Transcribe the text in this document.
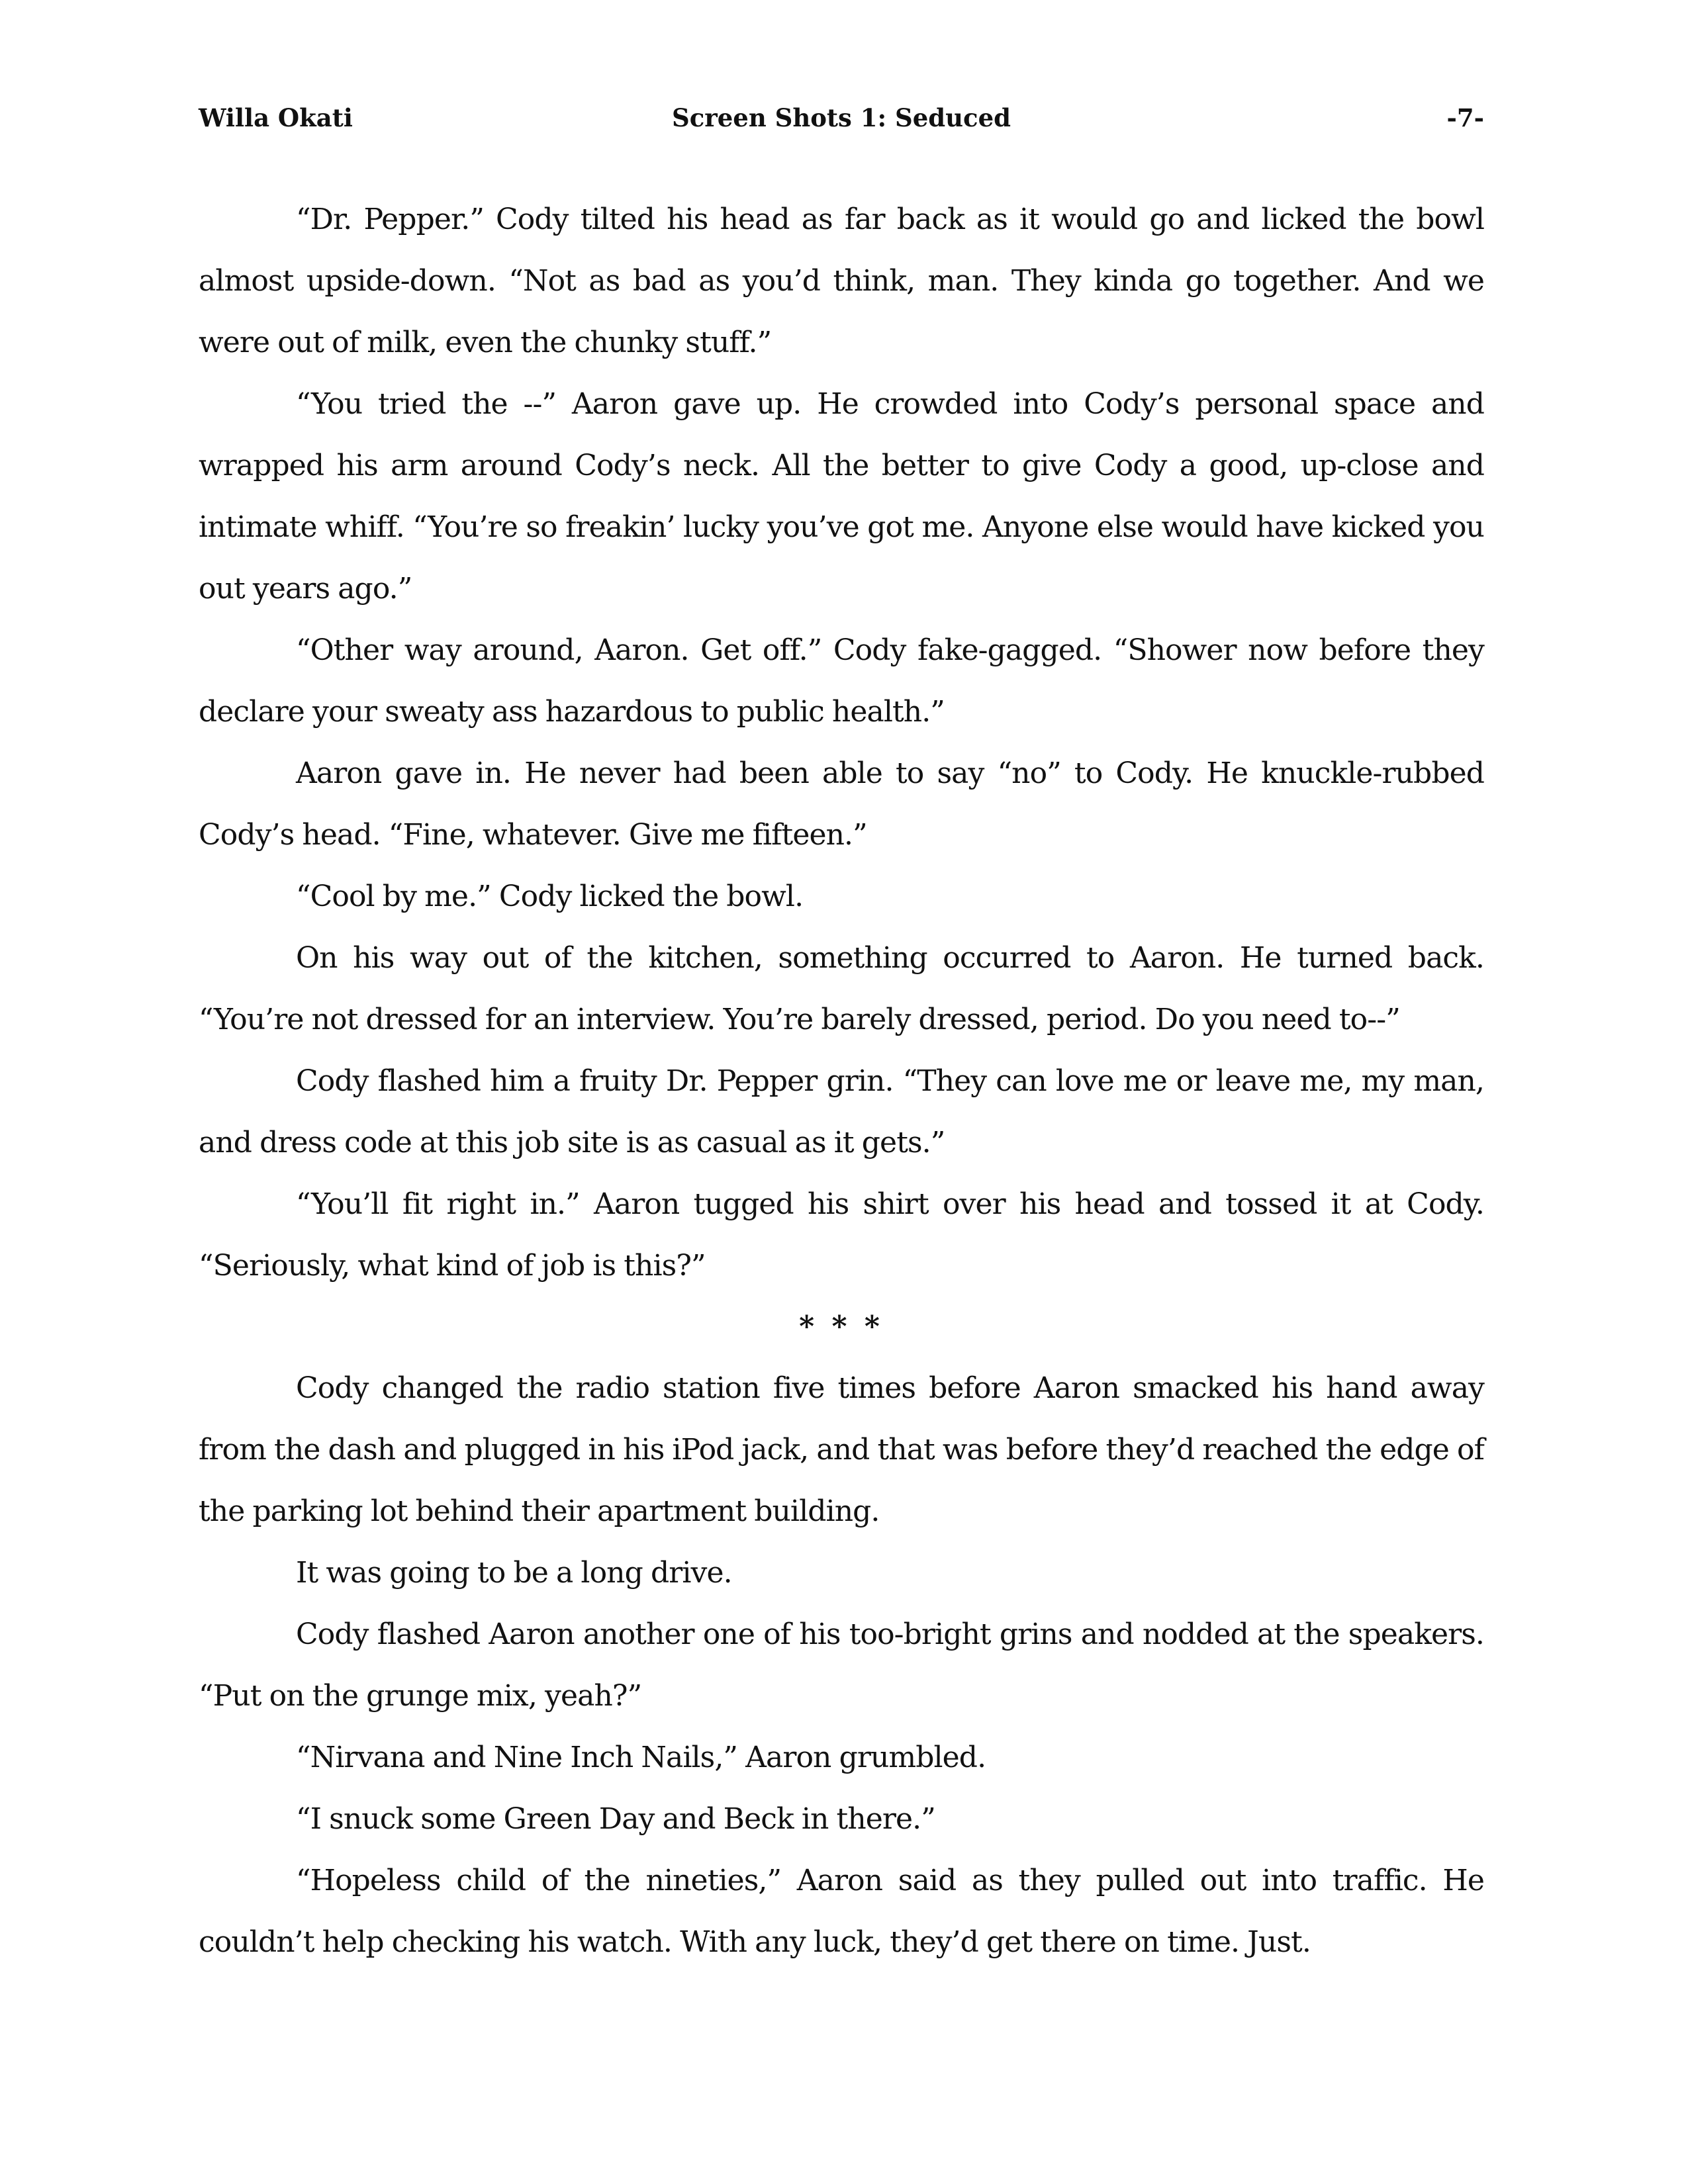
Willa Okati	Screen Shots 1: Seduced	-7-

“Dr. Pepper.” Cody tilted his head as far back as it would go and licked the bowl almost upside-down. “Not as bad as you’d think, man. They kinda go together. And we were out of milk, even the chunky stuff.”

“You tried the --” Aaron gave up. He crowded into Cody’s personal space and wrapped his arm around Cody’s neck. All the better to give Cody a good, up-close and intimate whiff. “You’re so freakin’ lucky you’ve got me. Anyone else would have kicked you out years ago.”

“Other way around, Aaron. Get off.” Cody fake-gagged. “Shower now before they declare your sweaty ass hazardous to public health.”

Aaron gave in. He never had been able to say “no” to Cody. He knuckle-rubbed Cody’s head. “Fine, whatever. Give me fifteen.”

“Cool by me.” Cody licked the bowl.

On his way out of the kitchen, something occurred to Aaron. He turned back. “You’re not dressed for an interview. You’re barely dressed, period. Do you need to--”

Cody flashed him a fruity Dr. Pepper grin. “They can love me or leave me, my man, and dress code at this job site is as casual as it gets.”

“You’ll fit right in.” Aaron tugged his shirt over his head and tossed it at Cody. “Seriously, what kind of job is this?”

* * *

Cody changed the radio station five times before Aaron smacked his hand away from the dash and plugged in his iPod jack, and that was before they’d reached the edge of the parking lot behind their apartment building.

It was going to be a long drive.

Cody flashed Aaron another one of his too-bright grins and nodded at the speakers. “Put on the grunge mix, yeah?”

“Nirvana and Nine Inch Nails,” Aaron grumbled.

“I snuck some Green Day and Beck in there.”

“Hopeless child of the nineties,” Aaron said as they pulled out into traffic. He couldn’t help checking his watch. With any luck, they’d get there on time. Just.
